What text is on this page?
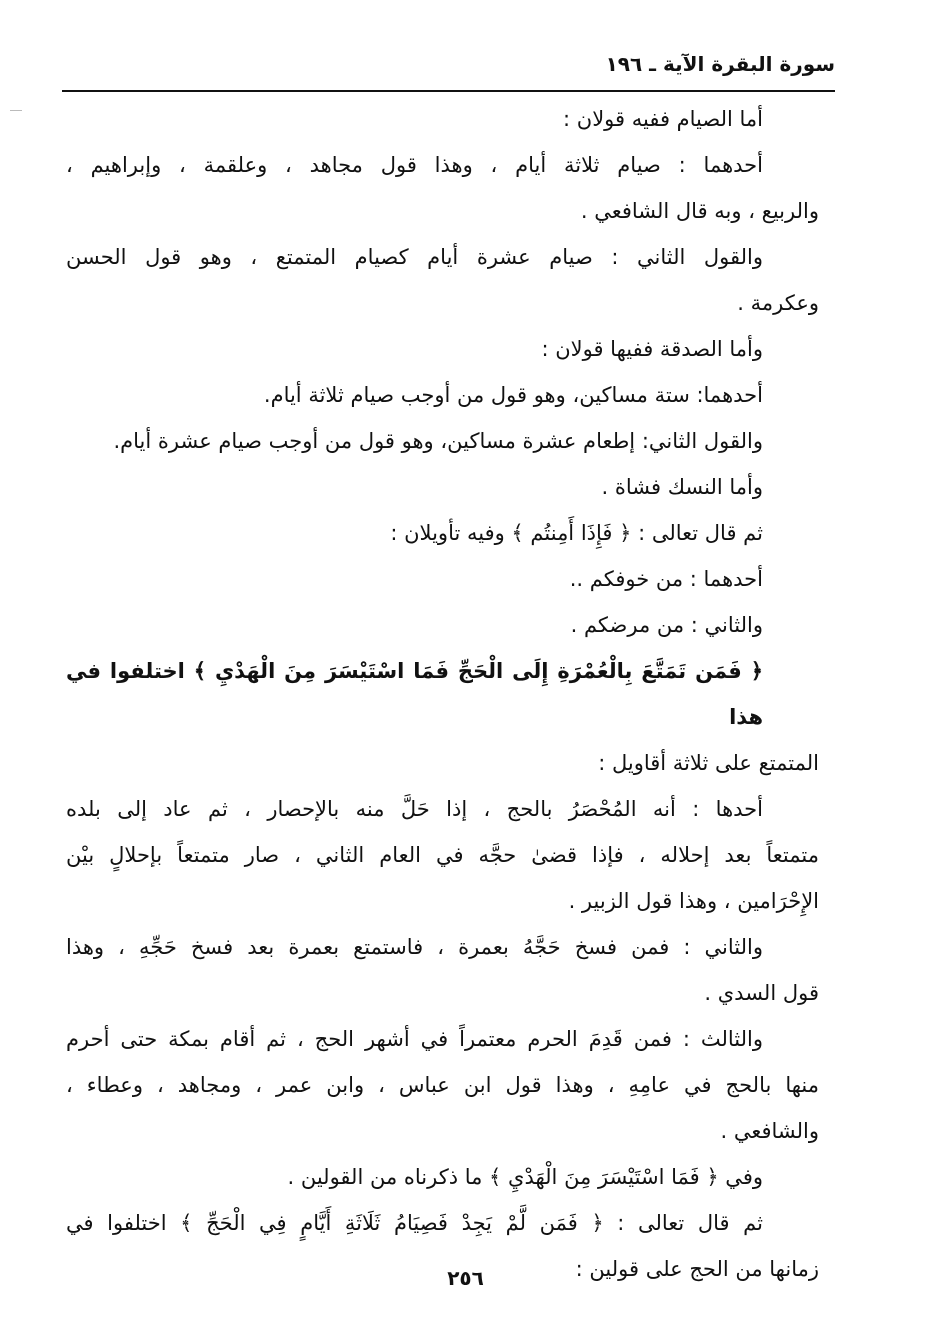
سورة البقرة الآية ـ ١٩٦

أما الصيام ففيه قولان :

أحدهما : صيام ثلاثة أيام ، وهذا قول مجاهد ، وعلقمة ، وإبراهيم ،

والربيع ، وبه قال الشافعي .

والقول الثاني : صيام عشرة أيام كصيام المتمتع ، وهو قول الحسن

وعكرمة .

وأما الصدقة ففيها قولان :

أحدهما: ستة مساكين، وهو قول من أوجب صيام ثلاثة أيام.

والقول الثاني: إطعام عشرة مساكين، وهو قول من أوجب صيام عشرة أيام.

وأما النسك فشاة .

ثم قال تعالى : ﴿ فَإِذَا أَمِنتُم ﴾ وفيه تأويلان :

أحدهما : من خوفكم ..

والثاني : من مرضكم .

﴿ فَمَن تَمَتَّعَ بِالْعُمْرَةِ إِلَى الْحَجِّ فَمَا اسْتَيْسَرَ مِنَ الْهَدْيِ ﴾ اختلفوا في هذا

المتمتع على ثلاثة أقاويل :

أحدها : أنه المُحْصَرُ بالحج ، إذا حَلَّ منه بالإحصار ، ثم عاد إلى بلده

متمتعاً بعد إحلاله ، فإذا قضىٰ حجَّه في العام الثاني ، صار متمتعاً بإحلالٍ بيْن

الإِحْرَامين ، وهذا قول الزبير .

والثاني : فمن فسخ حَجَّهُ بعمرة ، فاستمتع بعمرة بعد فسخ حَجِّهِ ، وهذا

قول السدي .

والثالث : فمن قَدِمَ الحرم معتمراً في أشهر الحج ، ثم أقام بمكة حتى أحرم

منها بالحج في عامِهِ ، وهذا قول ابن عباس ، وابن عمر ، ومجاهد ، وعطاء ،

والشافعي .

وفي ﴿ فَمَا اسْتَيْسَرَ مِنَ الْهَدْيِ ﴾ ما ذكرناه من القولين .

ثم قال تعالى : ﴿ فَمَن لَّمْ يَجِدْ فَصِيَامُ ثَلَاثَةِ أَيَّامٍ فِي الْحَجِّ ﴾ اختلفوا في

زمانها من الحج على قولين :

٢٥٦
